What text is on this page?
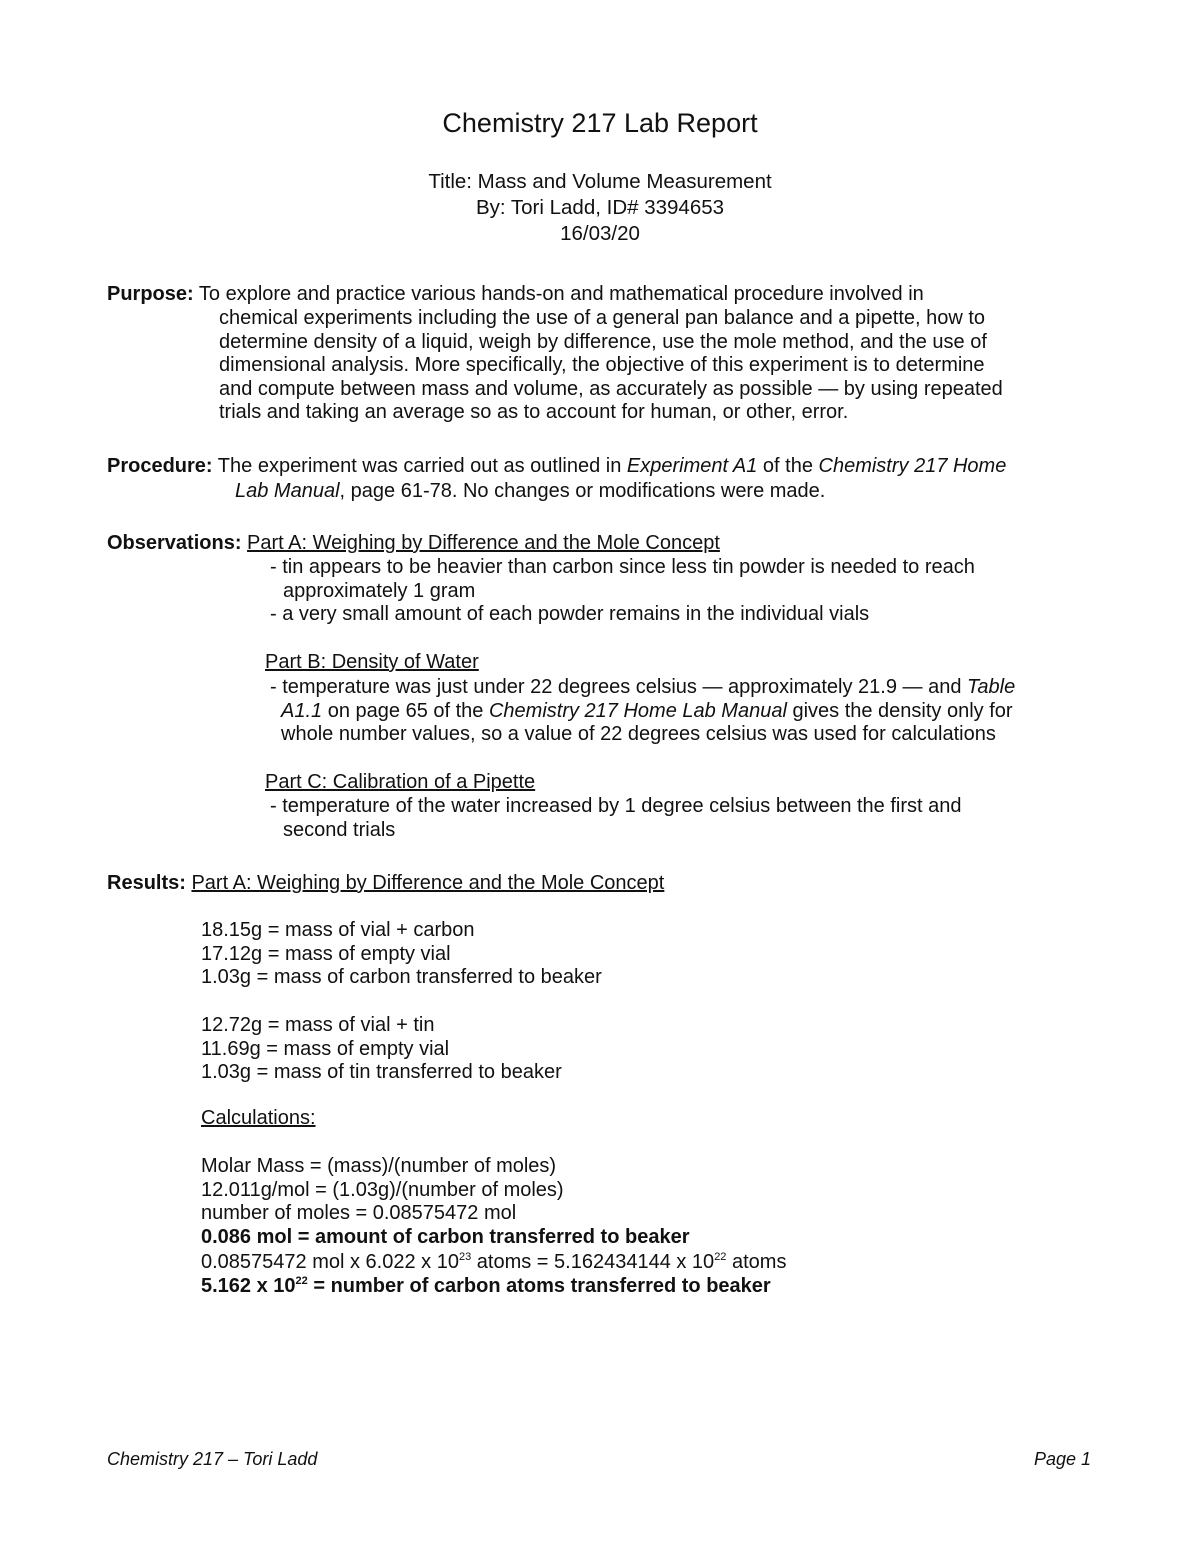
Chemistry 217 Lab Report
Title: Mass and Volume Measurement
By: Tori Ladd, ID# 3394653
16/03/20
Purpose: To explore and practice various hands-on and mathematical procedure involved in
chemical experiments including the use of a general pan balance and a pipette, how to
determine density of a liquid, weigh by difference, use the mole method, and the use of
dimensional analysis. More specifically, the objective of this experiment is to determine
and compute between mass and volume, as accurately as possible — by using repeated
trials and taking an average so as to account for human, or other, error.
Procedure: The experiment was carried out as outlined in Experiment A1 of the Chemistry 217 Home
Lab Manual, page 61-78. No changes or modifications were made.
Observations: Part A: Weighing by Difference and the Mole Concept
- tin appears to be heavier than carbon since less tin powder is needed to reach
approximately 1 gram
- a very small amount of each powder remains in the individual vials
Part B: Density of Water
- temperature was just under 22 degrees celsius — approximately 21.9 — and Table
A1.1 on page 65 of the Chemistry 217 Home Lab Manual gives the density only for
whole number values, so a value of 22 degrees celsius was used for calculations
Part C: Calibration of a Pipette
- temperature of the water increased by 1 degree celsius between the first and
second trials
Results: Part A: Weighing by Difference and the Mole Concept
18.15g = mass of vial + carbon
17.12g = mass of empty vial
1.03g = mass of carbon transferred to beaker
12.72g = mass of vial + tin
11.69g = mass of empty vial
1.03g = mass of tin transferred to beaker
Calculations:
Molar Mass = (mass)/(number of moles)
12.011g/mol = (1.03g)/(number of moles)
number of moles = 0.08575472 mol
0.086 mol = amount of carbon transferred to beaker
0.08575472 mol x 6.022 x $10^{23}$ atoms = 5.162434144 x $10^{22}$ atoms
5.162 x $10^{22}$ = number of carbon atoms transferred to beaker
Chemistry 217 – Tori Ladd	Page 1
